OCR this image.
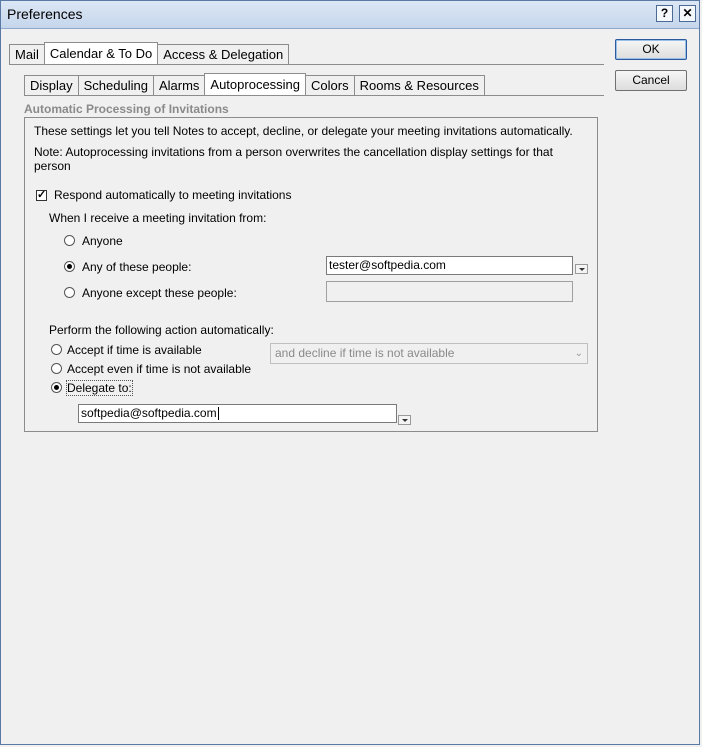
Preferences	?	✕
Mail Calendar & To Do Access & Delegation
Display Scheduling Alarms Autoprocessing Colors Rooms & Resources
OK
Cancel
Automatic Processing of Invitations
These settings let you tell Notes to accept, decline, or delegate your meeting invitations automatically.
Note: Autoprocessing invitations from a person overwrites the cancellation display settings for that
person
✓ Respond automatically to meeting invitations
When I receive a meeting invitation from:
Anyone
Any of these people:	tester@softpedia.com
Anyone except these people:
Perform the following action automatically:
Accept if time is available	and decline if time is not available	⌄
Accept even if time is not available
Delegate to:
softpedia@softpedia.com
